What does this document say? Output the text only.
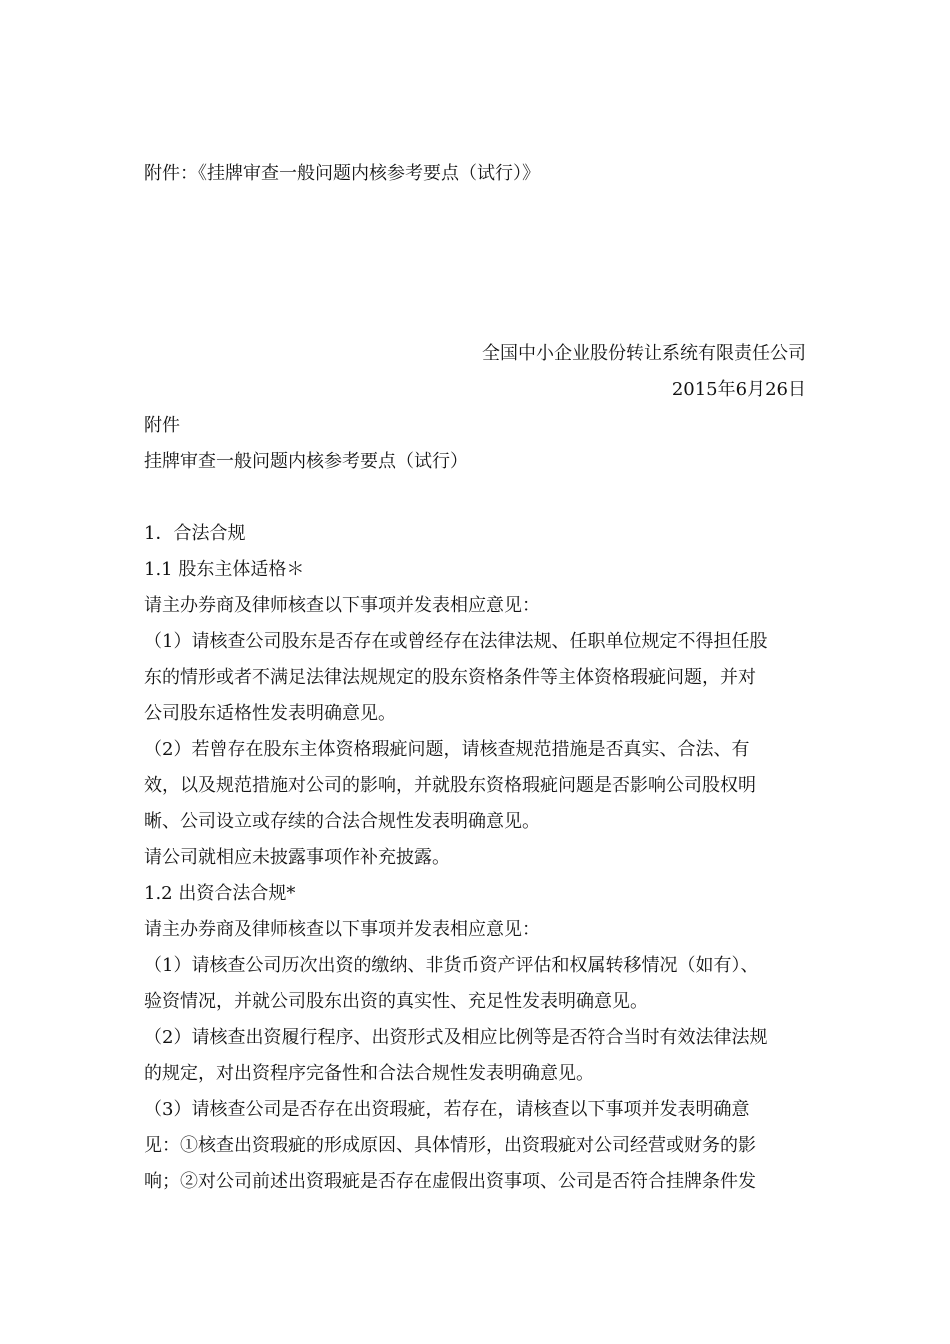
附件：《挂牌审查一般问题内核参考要点（试行）》
全国中小企业股份转让系统有限责任公司
2015年6月26日
附件
挂牌审查一般问题内核参考要点（试行）
1．合法合规
1.1 股东主体适格＊
请主办券商及律师核查以下事项并发表相应意见：
（1）请核查公司股东是否存在或曾经存在法律法规、任职单位规定不得担任股
东的情形或者不满足法律法规规定的股东资格条件等主体资格瑕疵问题，并对
公司股东适格性发表明确意见。
（2）若曾存在股东主体资格瑕疵问题，请核查规范措施是否真实、合法、有
效，以及规范措施对公司的影响，并就股东资格瑕疵问题是否影响公司股权明
晰、公司设立或存续的合法合规性发表明确意见。
请公司就相应未披露事项作补充披露。
1.2 出资合法合规*
请主办券商及律师核查以下事项并发表相应意见：
（1）请核查公司历次出资的缴纳、非货币资产评估和权属转移情况（如有）、
验资情况，并就公司股东出资的真实性、充足性发表明确意见。
（2）请核查出资履行程序、出资形式及相应比例等是否符合当时有效法律法规
的规定，对出资程序完备性和合法合规性发表明确意见。
（3）请核查公司是否存在出资瑕疵，若存在，请核查以下事项并发表明确意
见：①核查出资瑕疵的形成原因、具体情形，出资瑕疵对公司经营或财务的影
响；②对公司前述出资瑕疵是否存在虚假出资事项、公司是否符合挂牌条件发
